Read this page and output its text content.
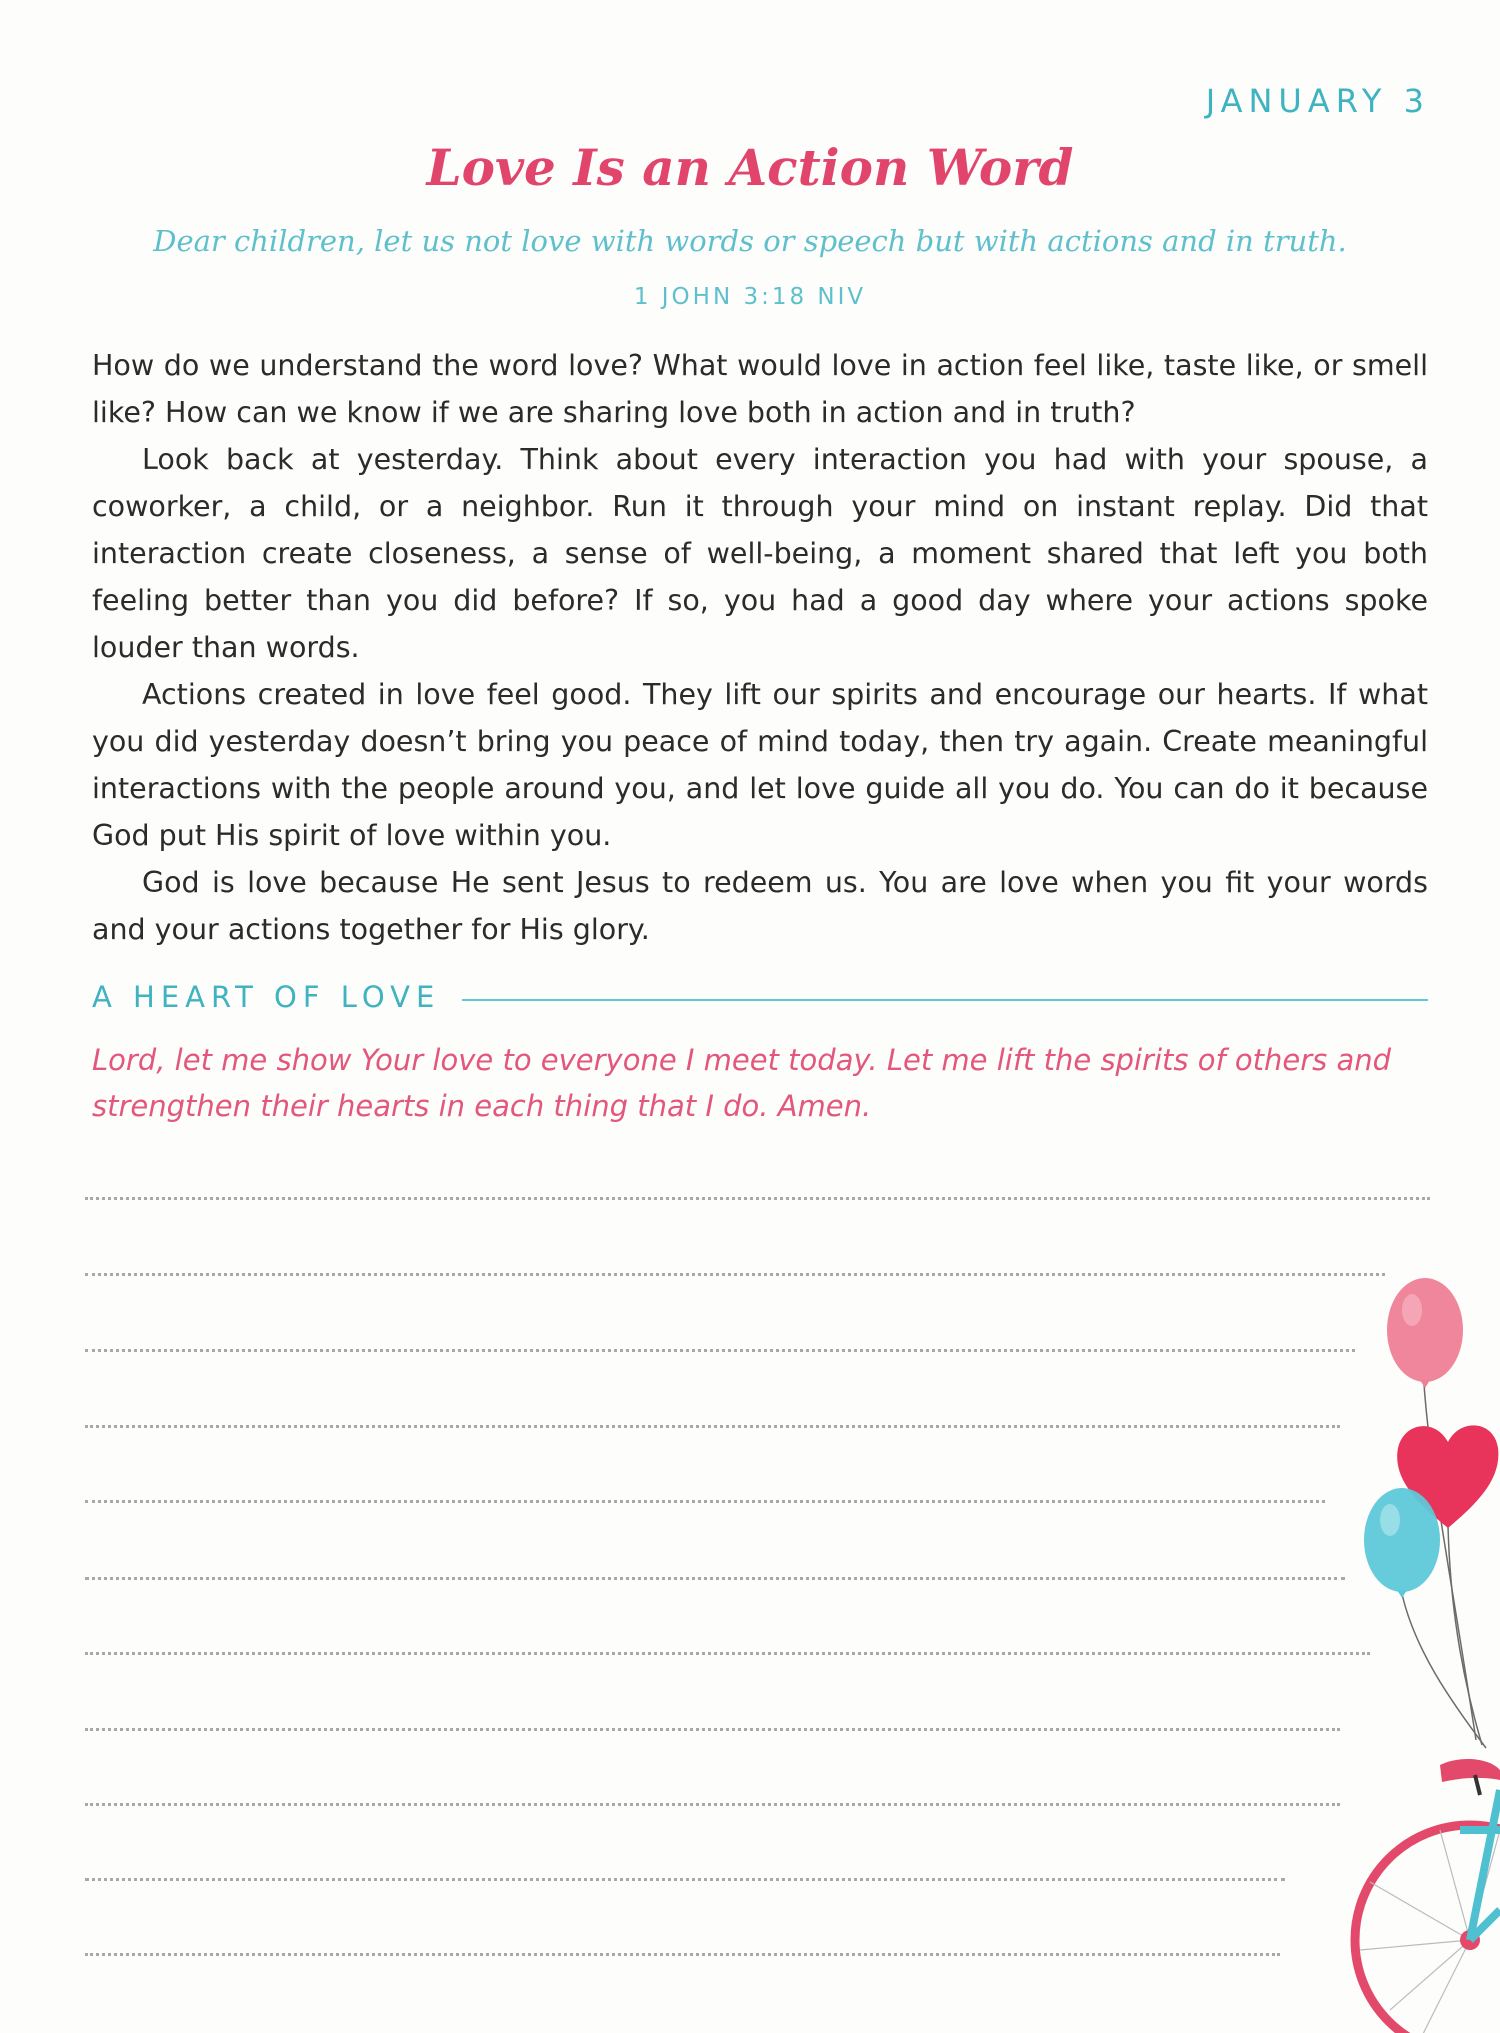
JANUARY 3
Love Is an Action Word
Dear children, let us not love with words or speech but with actions and in truth.
1 JOHN 3:18 NIV

How do we understand the word love? What would love in action feel like, taste like, or smell like? How can we know if we are sharing love both in action and in truth?

Look back at yesterday. Think about every interaction you had with your spouse, a coworker, a child, or a neighbor. Run it through your mind on instant replay. Did that interaction create closeness, a sense of well-being, a moment shared that left you both feeling better than you did before? If so, you had a good day where your actions spoke louder than words.

Actions created in love feel good. They lift our spirits and encourage our hearts. If what you did yesterday doesn’t bring you peace of mind today, then try again. Create meaningful interactions with the people around you, and let love guide all you do. You can do it because God put His spirit of love within you.

God is love because He sent Jesus to redeem us. You are love when you fit your words and your actions together for His glory.

A HEART OF LOVE
Lord, let me show Your love to everyone I meet today. Let me lift the spirits of others and strengthen their hearts in each thing that I do. Amen.
